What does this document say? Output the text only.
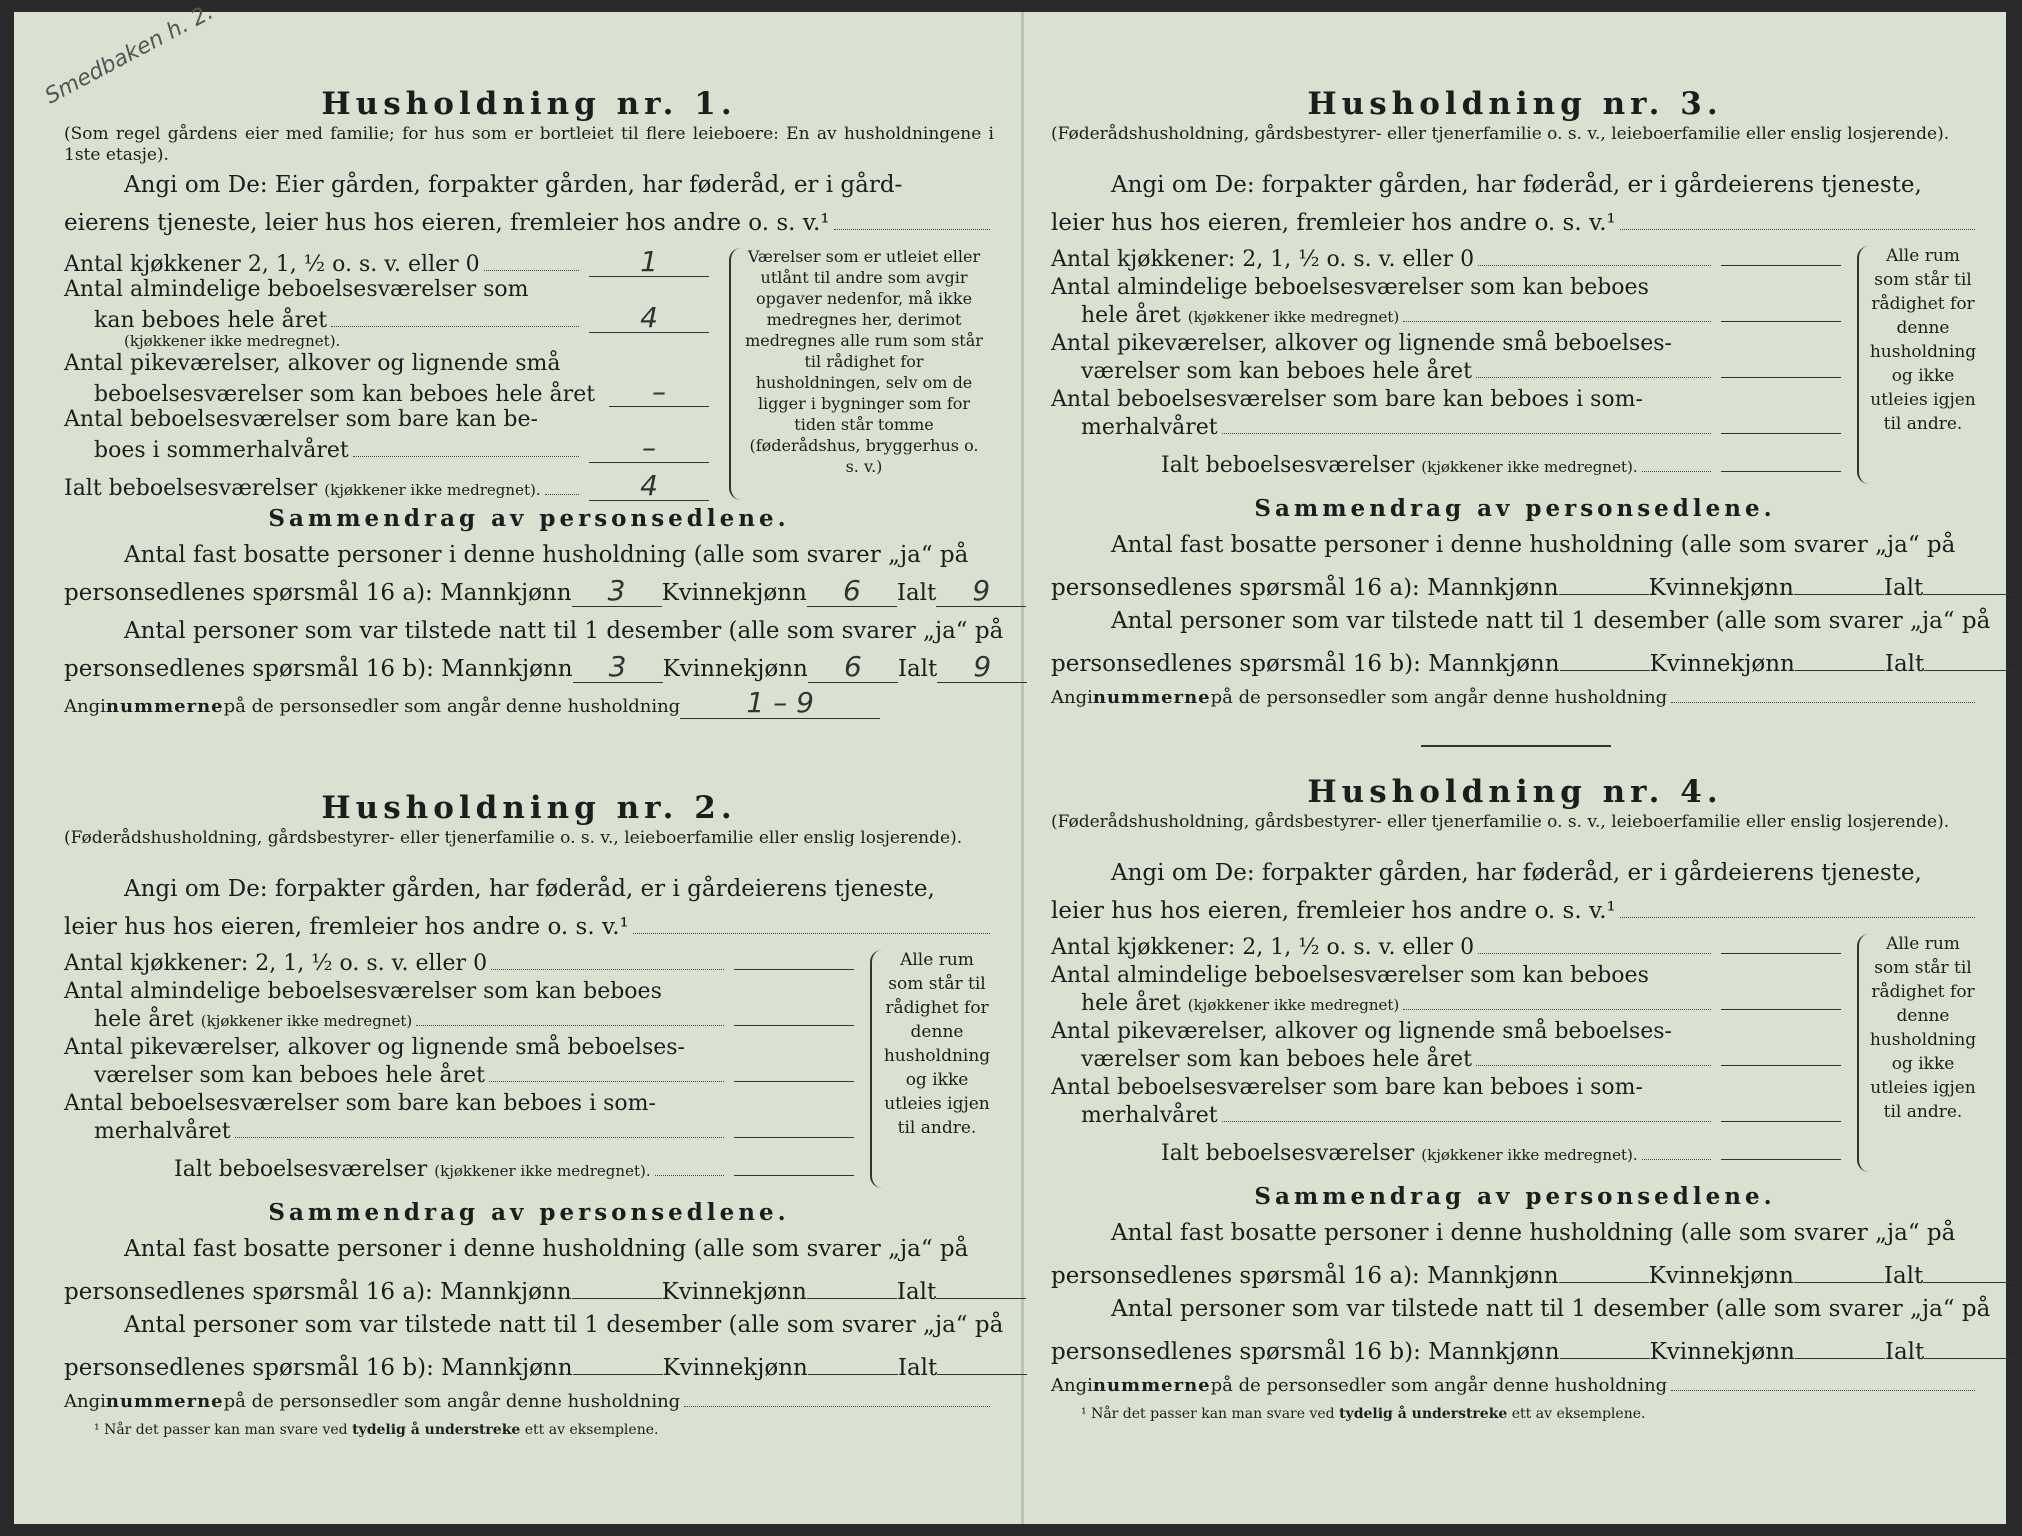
Smedbaken h. 2.	Husholdning nr. 1.
(Som regel gårdens eier med familie; for hus som er bortleiet til flere leieboere: En av husholdningene i 1ste etasje).
Angi om De: Eier gården, forpakter gården, har føderåd, er i gård-
eierens tjeneste, leier hus hos eieren, fremleier hos andre o. s. v.¹
Antal kjøkkener 2, 1, ½ o. s. v. eller 0	1
Antal almindelige beboelsesværelser som
kan beboes hele året	4
(kjøkkener ikke medregnet).
Antal pikeværelser, alkover og lignende små
beboelsesværelser som kan beboes hele året	–
Antal beboelsesværelser som bare kan be-
boes i sommerhalvåret	–
Ialt beboelsesværelser
(kjøkkener ikke medregnet).	4
Værelser som er utleiet eller utlånt til andre som avgir opgaver nedenfor, må ikke medregnes her, derimot medregnes alle rum som står til rådighet for husholdningen, selv om de ligger i bygninger som for tiden står tomme (føderådshus, bryggerhus o. s. v.)
Sammendrag av personsedlene.
Antal fast bosatte personer i denne husholdning (alle som svarer „ja“ på
personsedlenes spørsmål 16 a): Mannkjønn	3	Kvinnekjønn	6	Ialt	9
Antal personer som var tilstede natt til 1 desember (alle som svarer „ja“ på
personsedlenes spørsmål 16 b): Mannkjønn	3	Kvinnekjønn	6	Ialt	9
Angi nummerne på de personsedler som angår denne husholdning	1 – 9
Husholdning nr. 2.
(Føderådshusholdning, gårdsbestyrer- eller tjenerfamilie o. s. v., leieboerfamilie eller enslig losjerende).
Angi om De: forpakter gården, har føderåd, er i gårdeierens tjeneste,
leier hus hos eieren, fremleier hos andre o. s. v.¹
Antal kjøkkener: 2, 1, ½ o. s. v. eller 0
Antal almindelige beboelsesværelser som kan beboes
hele året
(kjøkkener ikke medregnet)
Antal pikeværelser, alkover og lignende små beboelses-
værelser som kan beboes hele året
Antal beboelsesværelser som bare kan beboes i som-
merhalvåret
Ialt beboelsesværelser
(kjøkkener ikke medregnet).
Alle rum som står til rådighet for denne husholdning og ikke utleies igjen til andre.
Sammendrag av personsedlene.
Antal fast bosatte personer i denne husholdning (alle som svarer „ja“ på
personsedlenes spørsmål 16 a): Mannkjønn	Kvinnekjønn	Ialt
Antal personer som var tilstede natt til 1 desember (alle som svarer „ja“ på
personsedlenes spørsmål 16 b): Mannkjønn	Kvinnekjønn	Ialt
Angi nummerne på de personsedler som angår denne husholdning
¹ Når det passer kan man svare ved tydelig å understreke ett av eksemplene.
Husholdning nr. 3.
(Føderådshusholdning, gårdsbestyrer- eller tjenerfamilie o. s. v., leieboerfamilie eller enslig losjerende).
Angi om De: forpakter gården, har føderåd, er i gårdeierens tjeneste,
leier hus hos eieren, fremleier hos andre o. s. v.¹
Antal kjøkkener: 2, 1, ½ o. s. v. eller 0
Antal almindelige beboelsesværelser som kan beboes
hele året
(kjøkkener ikke medregnet)
Antal pikeværelser, alkover og lignende små beboelses-
værelser som kan beboes hele året
Antal beboelsesværelser som bare kan beboes i som-
merhalvåret
Ialt beboelsesværelser
(kjøkkener ikke medregnet).
Alle rum som står til rådighet for denne husholdning og ikke utleies igjen til andre.
Sammendrag av personsedlene.
Antal fast bosatte personer i denne husholdning (alle som svarer „ja“ på
personsedlenes spørsmål 16 a): Mannkjønn	Kvinnekjønn	Ialt
Antal personer som var tilstede natt til 1 desember (alle som svarer „ja“ på
personsedlenes spørsmål 16 b): Mannkjønn	Kvinnekjønn	Ialt
Angi nummerne på de personsedler som angår denne husholdning
Husholdning nr. 4.
(Føderådshusholdning, gårdsbestyrer- eller tjenerfamilie o. s. v., leieboerfamilie eller enslig losjerende).
Angi om De: forpakter gården, har føderåd, er i gårdeierens tjeneste,
leier hus hos eieren, fremleier hos andre o. s. v.¹
Antal kjøkkener: 2, 1, ½ o. s. v. eller 0
Antal almindelige beboelsesværelser som kan beboes
hele året
(kjøkkener ikke medregnet)
Antal pikeværelser, alkover og lignende små beboelses-
værelser som kan beboes hele året
Antal beboelsesværelser som bare kan beboes i som-
merhalvåret
Ialt beboelsesværelser
(kjøkkener ikke medregnet).
Alle rum som står til rådighet for denne husholdning og ikke utleies igjen til andre.
Sammendrag av personsedlene.
Antal fast bosatte personer i denne husholdning (alle som svarer „ja“ på
personsedlenes spørsmål 16 a): Mannkjønn	Kvinnekjønn	Ialt
Antal personer som var tilstede natt til 1 desember (alle som svarer „ja“ på
personsedlenes spørsmål 16 b): Mannkjønn	Kvinnekjønn	Ialt
Angi nummerne på de personsedler som angår denne husholdning
¹ Når det passer kan man svare ved tydelig å understreke ett av eksemplene.
